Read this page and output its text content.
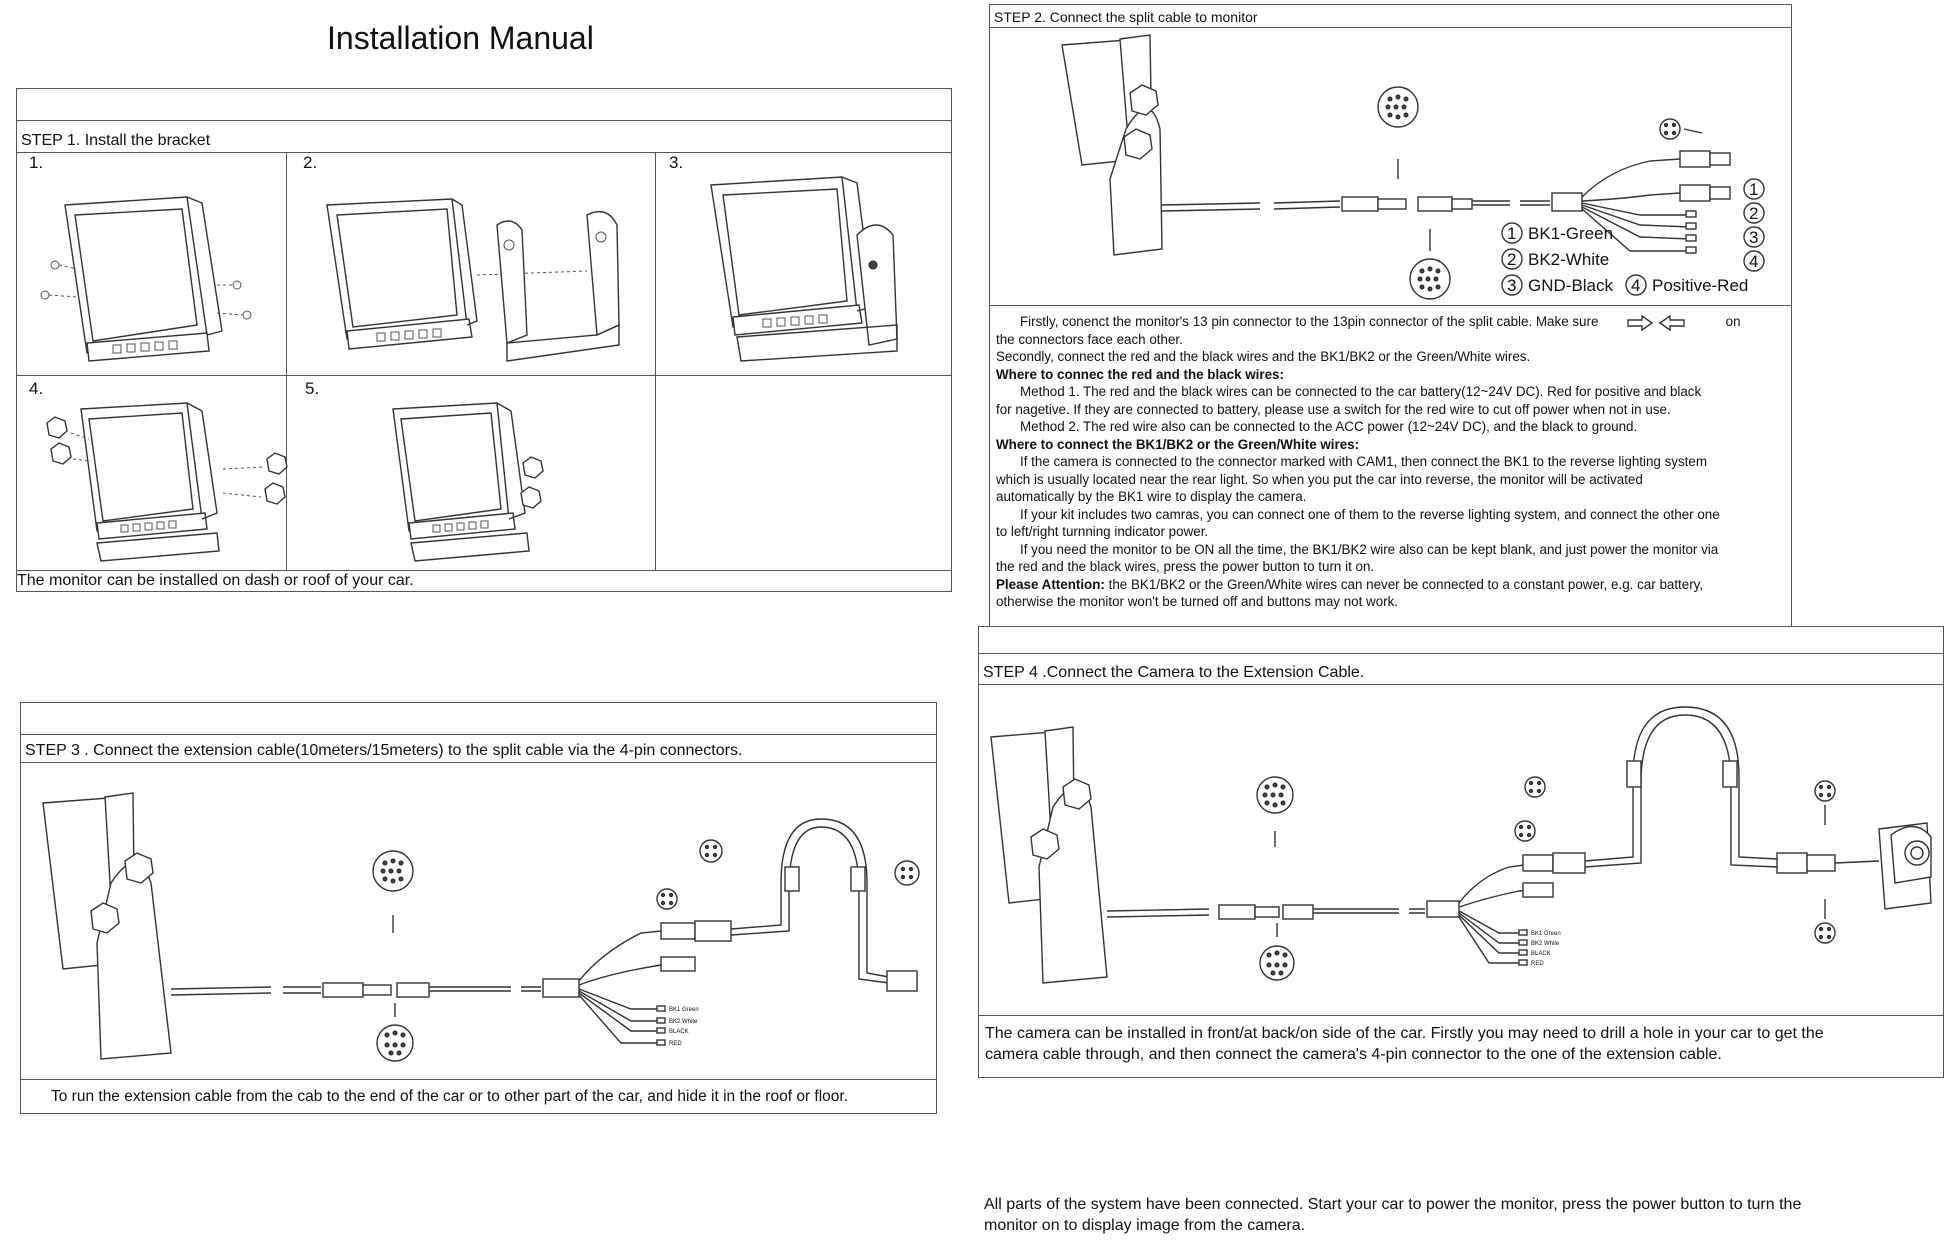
Installation Manual
STEP 1. Install the bracket
1.	2.	3.
4.	5.
The monitor can be installed on dash or roof of your car.
STEP 2. Connect the split cable to monitor
1
2
3
4
1
2
3	4
BK1-Green
BK2-White
GND-Black Positive-Red

Firstly, conenct the monitor's 13 pin connector to the 13pin connector of the split cable. Make sure	on

the connectors face each other.

Secondly, connect the red and the black wires and the BK1/BK2 or the Green/White wires.

Where to connec the red and the black wires:

Method 1. The red and the black wires can be connected to the car battery(12~24V DC). Red for positive and black

for nagetive. If they are connected to battery, please use a switch for the red wire to cut off power when not in use.

Method 2. The red wire also can be connected to the ACC power (12~24V DC), and the black to ground.

Where to connect the BK1/BK2 or the Green/White wires:

If the camera is connected to the connector marked with CAM1, then connect the BK1 to the reverse lighting system

which is usually located near the rear light. So when you put the car into reverse, the monitor will be activated

automatically by the BK1 wire to display the camera.

If your kit includes two camras, you can connect one of them to the reverse lighting system, and connect the other one

to left/right turnning indicator power.

If you need the monitor to be ON all the time, the BK1/BK2 wire also can be kept blank, and just power the monitor via

the red and the black wires, press the power button to turn it on.

Please Attention: the BK1/BK2 or the Green/White wires can never be connected to a constant power, e.g. car battery,

otherwise the monitor won't be turned off and buttons may not work.

STEP 3 . Connect the extension cable(10meters/15meters) to the split cable via the 4-pin connectors.
BK1 Green
BK2 White
BLACK
RED
To run the extension cable from the cab to the end of the car or to other part of the car, and hide it in the roof or floor.
STEP 4 .Connect the Camera to the Extension Cable.
BK1 Green
BK2 White
BLACK
RED
The camera can be installed in front/at back/on side of the car. Firstly you may need to drill a hole in your car to get the
camera cable through, and then connect the camera's 4-pin connector to the one of the extension cable.
All parts of the system have been connected. Start your car to power the monitor, press the power button to turn the
monitor on to display image from the camera.
